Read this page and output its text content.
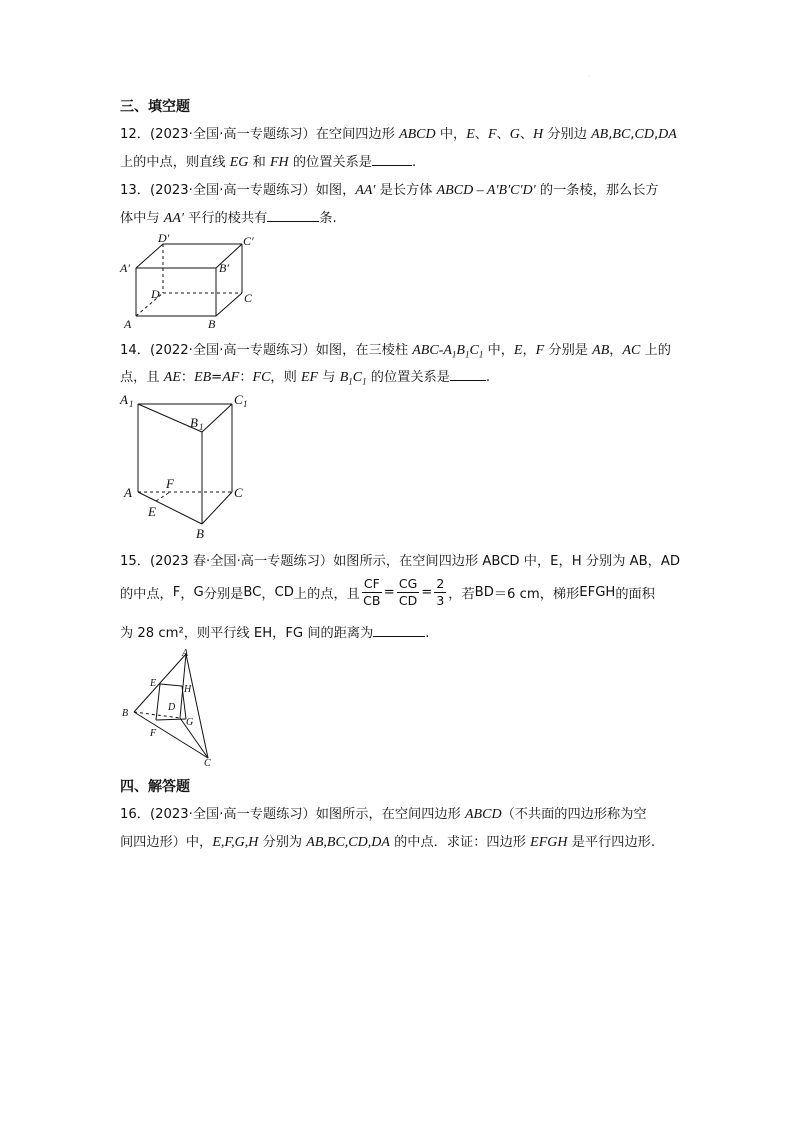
·
三、填空题
12．(2023·全国·高一专题练习）在空间四边形 ABCD 中，E、F、G、H 分别边 AB,BC,CD,DA
上的中点，则直线 EG 和 FH 的位置关系是	.
13．(2023·全国·高一专题练习）如图，AA′ 是长方体 ABCD – A′B′C′D′ 的一条棱，那么长方
体中与 AA′ 平行的棱共有	条.
D′	C′
A′	B′
D	C
A	B
14．(2022·全国·高一专题练习）如图，在三棱柱 ABC-$A_1B_1C_1$ 中，E，F 分别是 AB，AC 上的
点，且 AE：EB=AF：FC，则 EF 与 $B_1C_1$ 的位置关系是	.
A 1	C 1
B 1
A	C
B
E
F
15．(2023 春·全国·高一专题练习）如图所示，在空间四边形 ABCD 中，E，H 分别为 AB，AD
的中点， F ， G 分别是 BC ， CD 上的点，且 $\frac{CF}{CB} = \frac{CG}{CD} = \frac{2}{3}$ ，若 BD ＝6 cm，梯形 EFGH 的面积
为 28 cm²，则平行线 EH，FG 间的距离为	.
A
E
H
B
D
G
F
C
四、解答题
16．(2023·全国·高一专题练习）如图所示，在空间四边形 ABCD（不共面的四边形称为空
间四边形）中，E,F,G,H 分别为 AB,BC,CD,DA 的中点．求证：四边形 EFGH 是平行四边形.
